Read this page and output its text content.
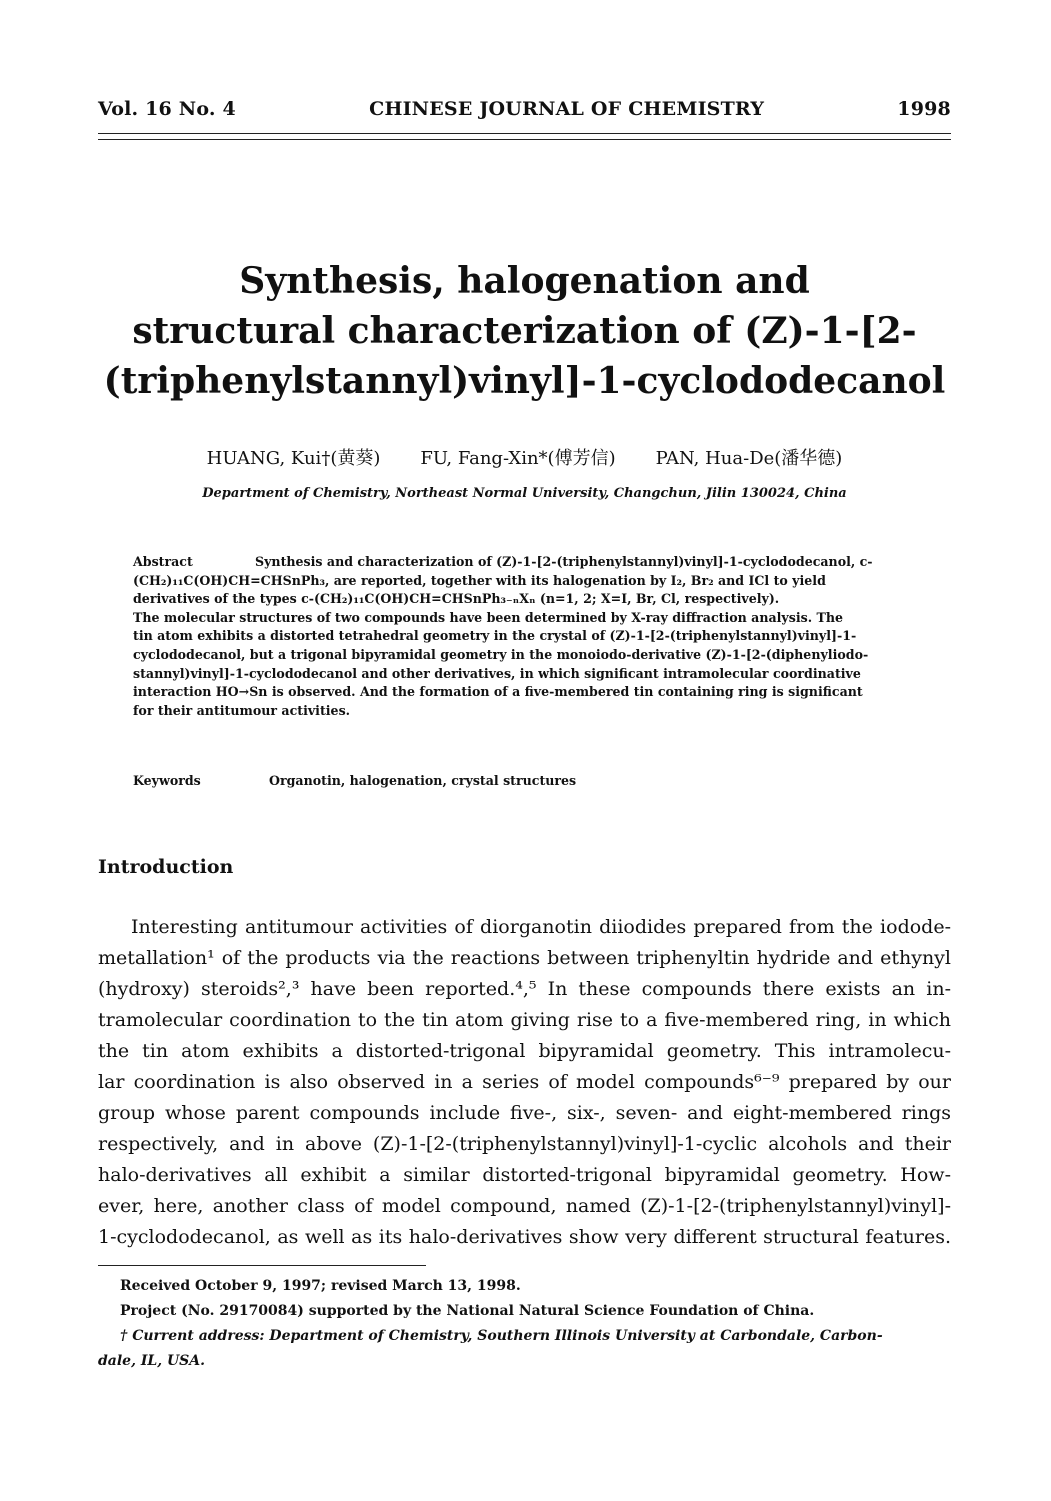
Vol. 16 No. 4	CHINESE JOURNAL OF CHEMISTRY	1998
Synthesis, halogenation and
structural characterization of (Z)-1-[2-
(triphenylstannyl)vinyl]-1-cyclododecanol
HUANG, Kui†(黄葵) FU, Fang-Xin*(傅芳信) PAN, Hua-De(潘华德)
Department of Chemistry, Northeast Normal University, Changchun, Jilin 130024, China
Abstract	Synthesis and characterization of (Z)-1-[2-(triphenylstannyl)vinyl]-1-cyclododecanol, c-
(CH₂)₁₁C(OH)CH=CHSnPh₃, are reported, together with its halogenation by I₂, Br₂ and ICl to yield
derivatives of the types c-(CH₂)₁₁C(OH)CH=CHSnPh₃₋ₙXₙ (n=1, 2; X=I, Br, Cl, respectively).
The molecular structures of two compounds have been determined by X-ray diffraction analysis. The
tin atom exhibits a distorted tetrahedral geometry in the crystal of (Z)-1-[2-(triphenylstannyl)vinyl]-1-
cyclododecanol, but a trigonal bipyramidal geometry in the monoiodo-derivative (Z)-1-[2-(diphenyliodo-
stannyl)vinyl]-1-cyclododecanol and other derivatives, in which significant intramolecular coordinative
interaction HO→Sn is observed. And the formation of a five-membered tin containing ring is significant
for their antitumour activities.
Keywords	Organotin, halogenation, crystal structures
Introduction
Interesting antitumour activities of diorganotin diiodides prepared from the iodode-
metallation¹ of the products via the reactions between triphenyltin hydride and ethynyl
(hydroxy) steroids²,³ have been reported.⁴,⁵ In these compounds there exists an in-
tramolecular coordination to the tin atom giving rise to a five-membered ring, in which
the tin atom exhibits a distorted-trigonal bipyramidal geometry. This intramolecu-
lar coordination is also observed in a series of model compounds⁶⁻⁹ prepared by our
group whose parent compounds include five-, six-, seven- and eight-membered rings
respectively, and in above (Z)-1-[2-(triphenylstannyl)vinyl]-1-cyclic alcohols and their
halo-derivatives all exhibit a similar distorted-trigonal bipyramidal geometry. How-
ever, here, another class of model compound, named (Z)-1-[2-(triphenylstannyl)vinyl]-
1-cyclododecanol, as well as its halo-derivatives show very different structural features.
Received October 9, 1997; revised March 13, 1998.
Project (No. 29170084) supported by the National Natural Science Foundation of China.
† Current address: Department of Chemistry, Southern Illinois University at Carbondale, Carbon-
dale, IL, USA.
